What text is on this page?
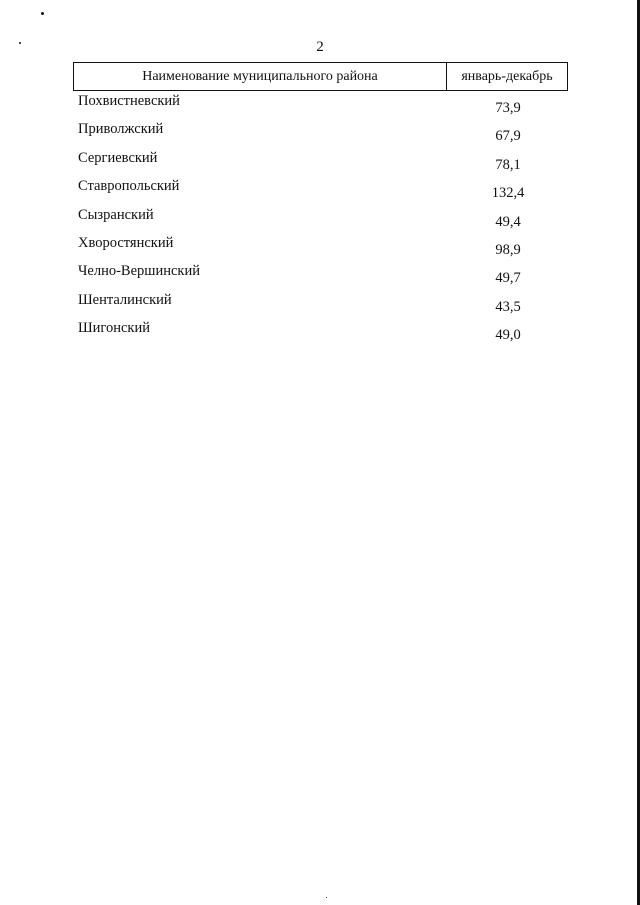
2
Наименование муниципального района	январь-декабрь
Похвистневский	73,9
Приволжский	67,9
Сергиевский	78,1
Ставропольский	132,4
Сызранский	49,4
Хворостянский	98,9
Челно-Вершинский	49,7
Шенталинский	43,5
Шигонский	49,0
